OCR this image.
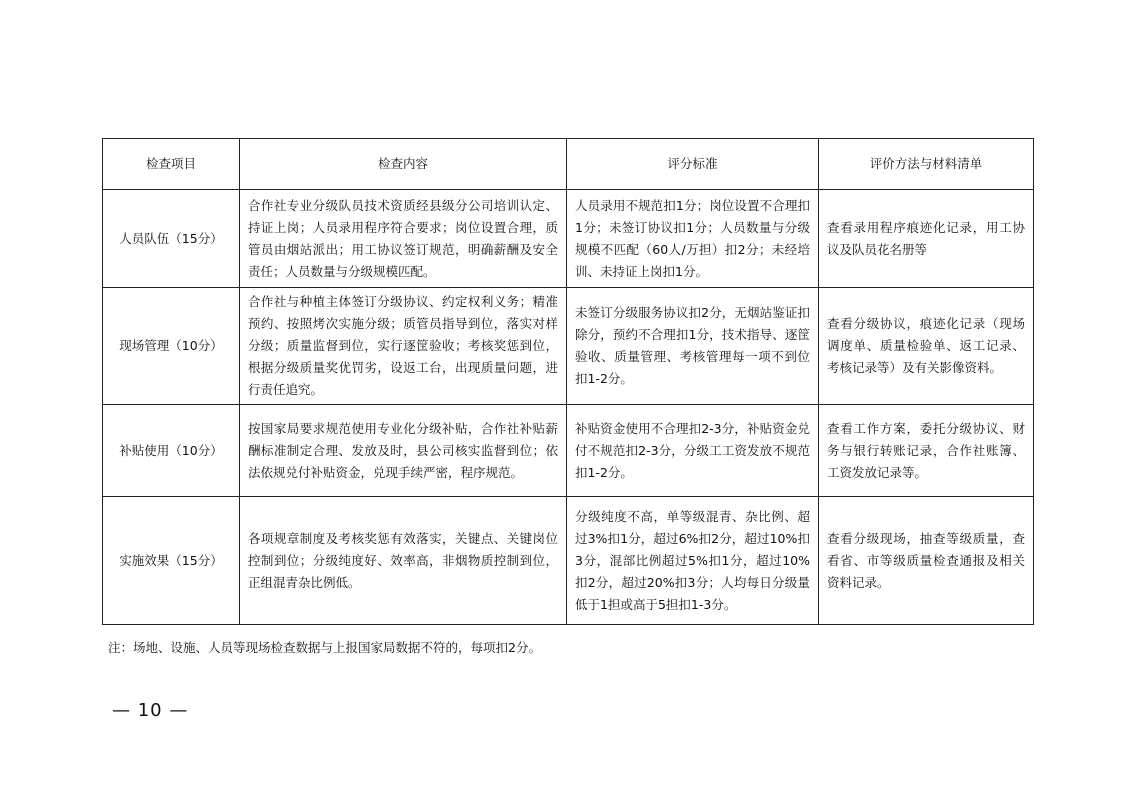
检查项目	检查内容	评分标准	评价方法与材料清单
人员队伍（15分）	合作社专业分级队员技术资质经县级分公司培训认定、持证上岗；人员录用程序符合要求；岗位设置合理，质管员由烟站派出；用工协议签订规范，明确薪酬及安全责任；人员数量与分级规模匹配。	人员录用不规范扣1分；岗位设置不合理扣1分；未签订协议扣1分；人员数量与分级规模不匹配（60人/万担）扣2分；未经培训、未持证上岗扣1分。	查看录用程序痕迹化记录，用工协议及队员花名册等
现场管理（10分）	合作社与种植主体签订分级协议、约定权利义务；精准预约、按照烤次实施分级；质管员指导到位，落实对样分级；质量监督到位，实行逐筐验收；考核奖惩到位，根据分级质量奖优罚劣，设返工台，出现质量问题，进行责任追究。	未签订分级服务协议扣2分，无烟站鉴证扣除分，预约不合理扣1分，技术指导、逐筐验收、质量管理、考核管理每一项不到位扣1-2分。	查看分级协议，痕迹化记录（现场调度单、质量检验单、返工记录、考核记录等）及有关影像资料。
补贴使用（10分）	按国家局要求规范使用专业化分级补贴，合作社补贴薪酬标准制定合理、发放及时，县公司核实监督到位；依法依规兑付补贴资金，兑现手续严密，程序规范。	补贴资金使用不合理扣2-3分，补贴资金兑付不规范扣2-3分，分级工工资发放不规范扣1-2分。	查看工作方案，委托分级协议、财务与银行转账记录，合作社账簿、工资发放记录等。
实施效果（15分）	各项规章制度及考核奖惩有效落实，关键点、关键岗位控制到位；分级纯度好、效率高，非烟物质控制到位，正组混青杂比例低。	分级纯度不高，单等级混青、杂比例、超过3%扣1分，超过6%扣2分，超过10%扣3分，混部比例超过5%扣1分，超过10%扣2分，超过20%扣3分；人均每日分级量低于1担或高于5担扣1-3分。	查看分级现场，抽查等级质量，查看省、市等级质量检查通报及相关资料记录。
注：场地、设施、人员等现场检查数据与上报国家局数据不符的，每项扣2分。
— 10 —
